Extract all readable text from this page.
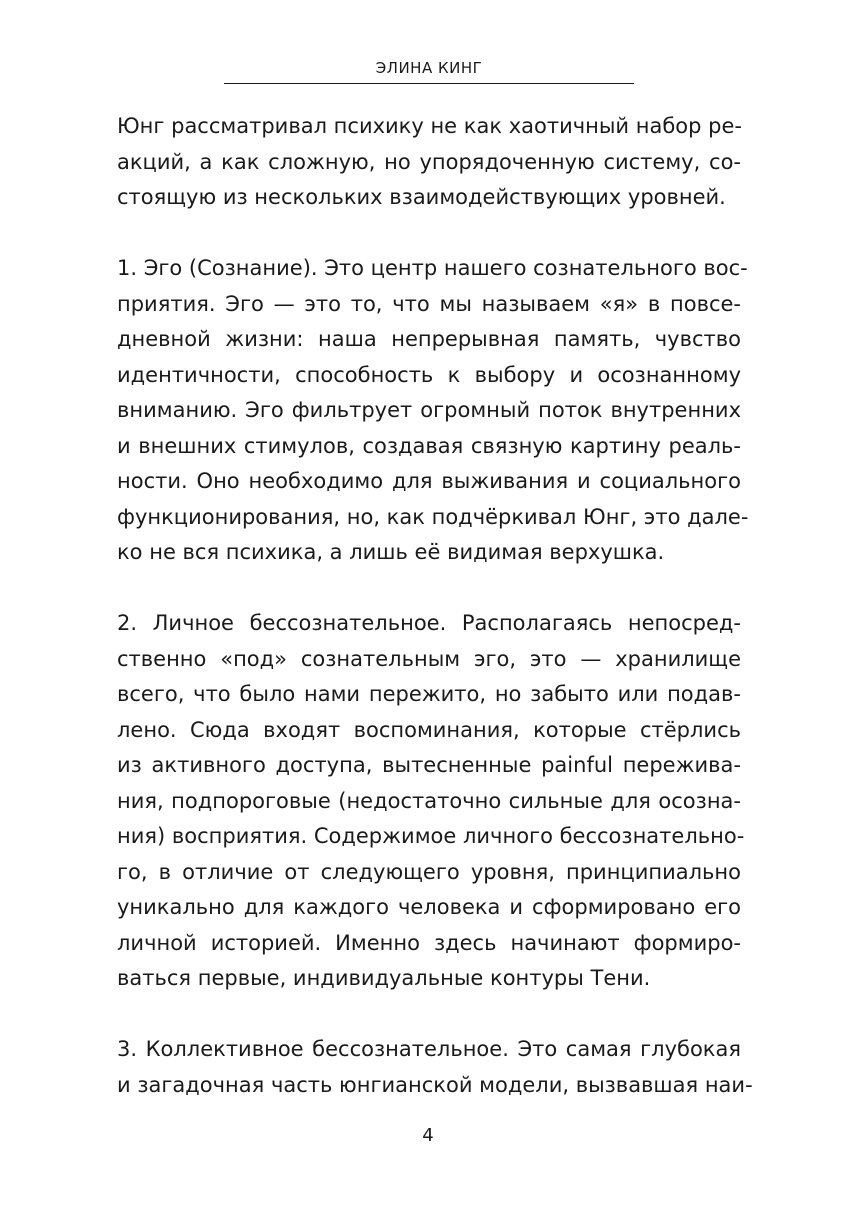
ЭЛИНА КИНГ
Юнг рассматривал психику не как хаотичный набор ре-
акций, а как сложную, но упорядоченную систему, со-
стоящую из нескольких взаимодействующих уровней.
1. Эго (Сознание). Это центр нашего сознательного вос-
приятия. Эго — это то, что мы называем «я» в повсе-
дневной жизни: наша непрерывная память, чувство
идентичности, способность к выбору и осознанному
вниманию. Эго фильтрует огромный поток внутренних
и внешних стимулов, создавая связную картину реаль-
ности. Оно необходимо для выживания и социального
функционирования, но, как подчёркивал Юнг, это дале-
ко не вся психика, а лишь её видимая верхушка.
2. Личное бессознательное. Располагаясь непосред-
ственно «под» сознательным эго, это — хранилище
всего, что было нами пережито, но забыто или подав-
лено. Сюда входят воспоминания, которые стёрлись
из активного доступа, вытесненные painful пережива-
ния, подпороговые (недостаточно сильные для осозна-
ния) восприятия. Содержимое личного бессознательно-
го, в отличие от следующего уровня, принципиально
уникально для каждого человека и сформировано его
личной историей. Именно здесь начинают формиро-
ваться первые, индивидуальные контуры Тени.
3. Коллективное бессознательное. Это самая глубокая
и загадочная часть юнгианской модели, вызвавшая наи-
4
